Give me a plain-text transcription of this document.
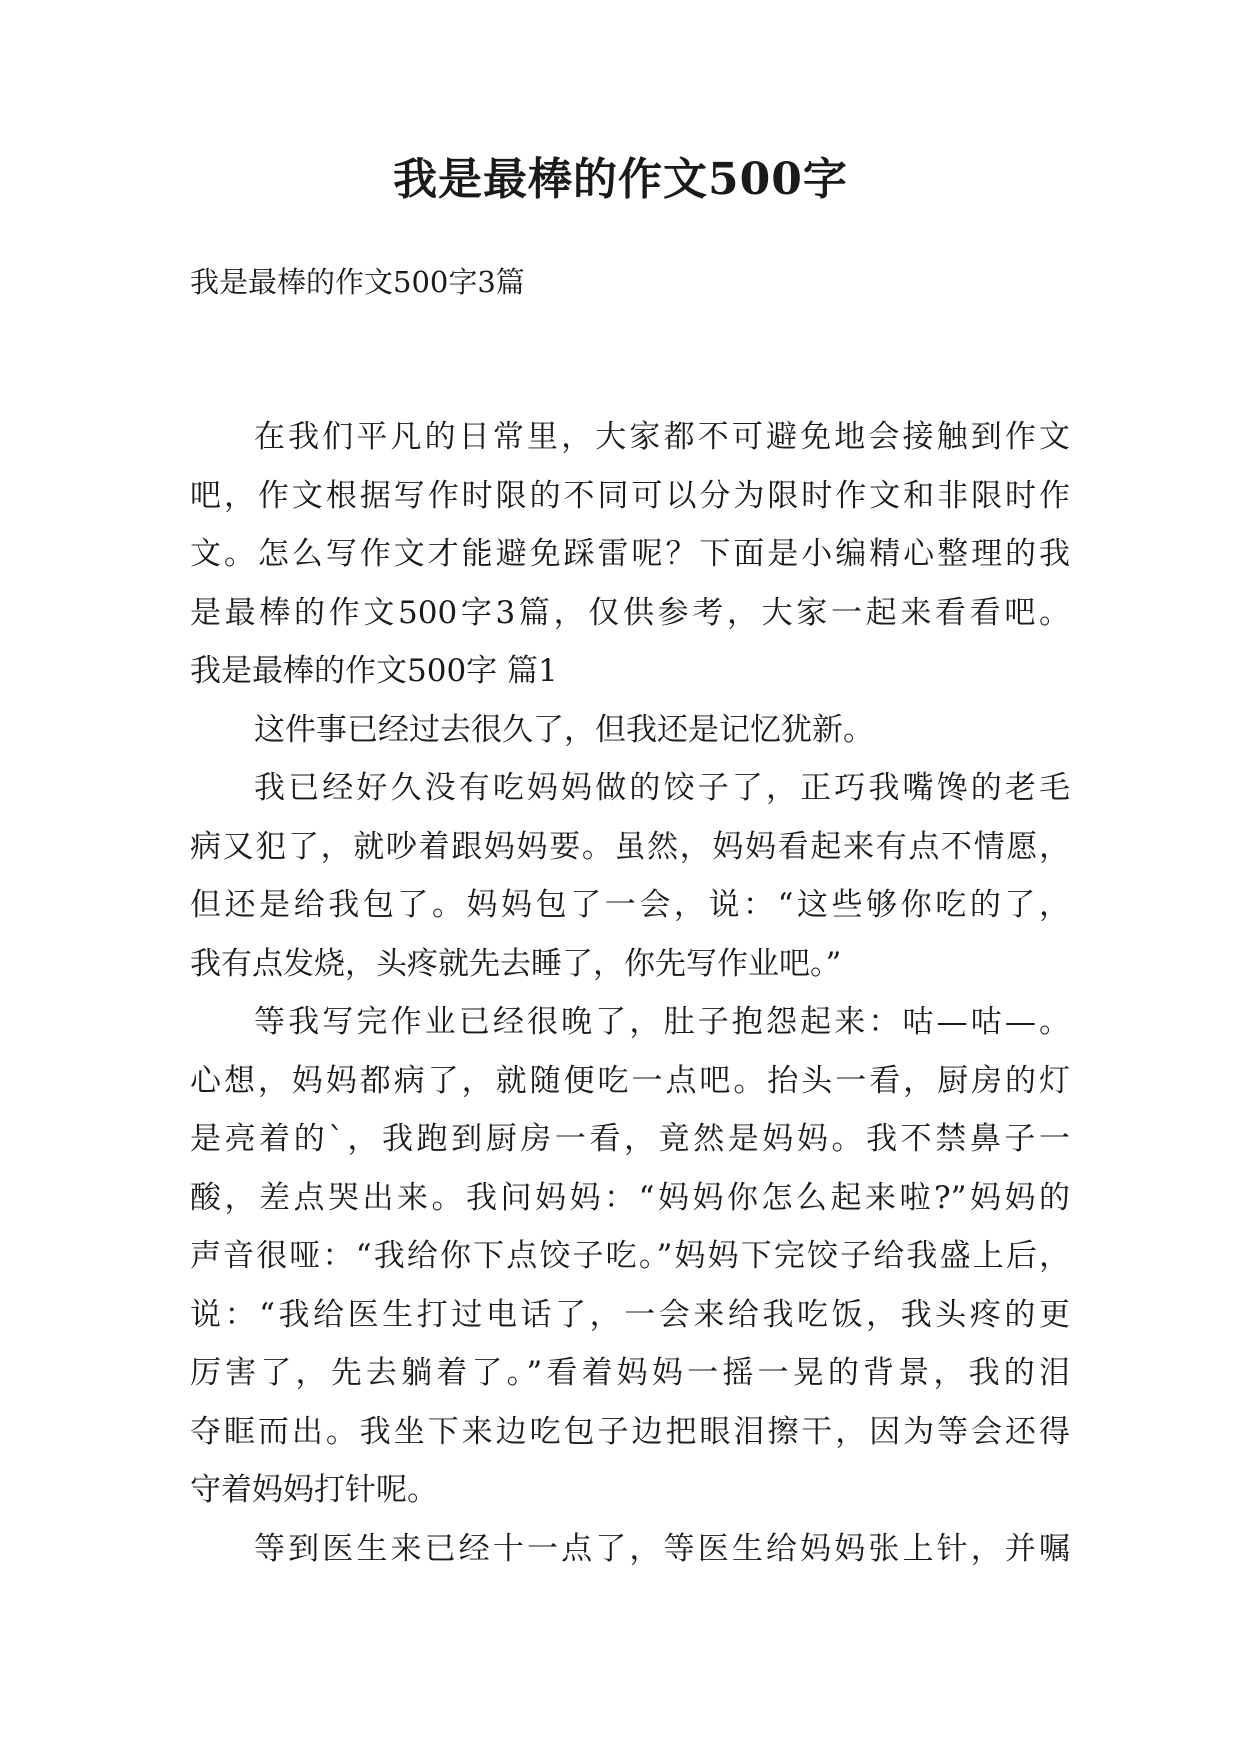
我是最棒的作文500字

我是最棒的作文500字3篇

在我们平凡的日常里，大家都不可避免地会接触到作文
吧，作文根据写作时限的不同可以分为限时作文和非限时作
文。怎么写作文才能避免踩雷呢？下面是小编精心整理的我
是最棒的作文500字3篇，仅供参考，大家一起来看看吧。
我是最棒的作文500字 篇1
这件事已经过去很久了，但我还是记忆犹新。
我已经好久没有吃妈妈做的饺子了，正巧我嘴馋的老毛
病又犯了，就吵着跟妈妈要。虽然，妈妈看起来有点不情愿，
但还是给我包了。妈妈包了一会，说：“这些够你吃的了，
我有点发烧，头疼就先去睡了，你先写作业吧。”
等我写完作业已经很晚了，肚子抱怨起来：咕—咕—。
心想，妈妈都病了，就随便吃一点吧。抬头一看，厨房的灯
是亮着的`，我跑到厨房一看，竟然是妈妈。我不禁鼻子一
酸，差点哭出来。我问妈妈：“妈妈你怎么起来啦?”妈妈的
声音很哑：“我给你下点饺子吃。”妈妈下完饺子给我盛上后，
说：“我给医生打过电话了，一会来给我吃饭，我头疼的更
厉害了，先去躺着了。”看着妈妈一摇一晃的背景，我的泪
夺眶而出。我坐下来边吃包子边把眼泪擦干，因为等会还得
守着妈妈打针呢。
等到医生来已经十一点了，等医生给妈妈张上针，并嘱
